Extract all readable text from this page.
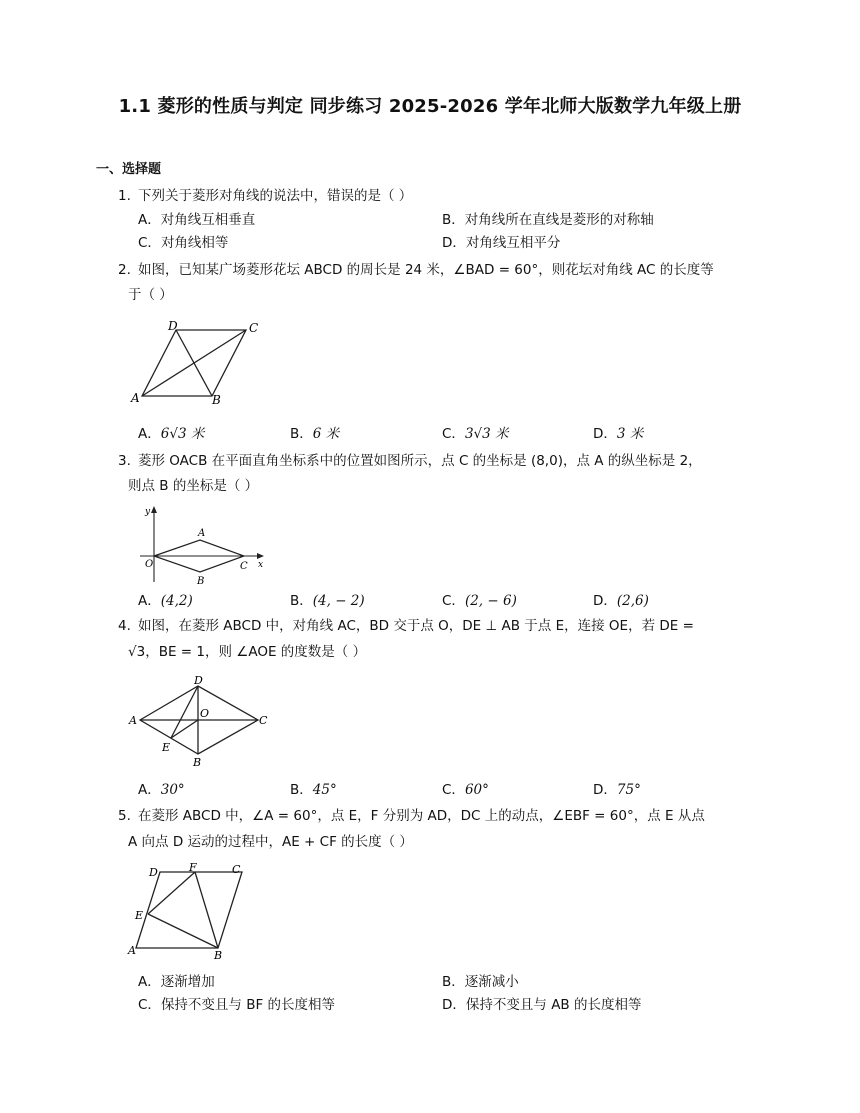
1.1 菱形的性质与判定 同步练习 2025-2026 学年北师大版数学九年级上册
一、选择题
1. 下列关于菱形对角线的说法中，错误的是（ ）
A．对角线互相垂直	B．对角线所在直线是菱形的对称轴
C．对角线相等	D．对角线互相平分
2. 如图，已知某广场菱形花坛 ABCD 的周长是 24 米，∠BAD = 60°，则花坛对角线 AC 的长度等
于（ ）
D	C
A	B
A．6√3 米	B．6 米	C．3√3 米	D．3 米
3. 菱形 OACB 在平面直角坐标系中的位置如图所示，点 C 的坐标是 (8,0)，点 A 的纵坐标是 2，
则点 B 的坐标是（ ）
y
A
O
B
C x
A．(4,2)	B．(4, − 2)	C．(2, − 6)	D．(2,6)
4. 如图，在菱形 ABCD 中，对角线 AC，BD 交于点 O，DE ⊥ AB 于点 E，连接 OE，若 DE =
√3，BE = 1，则 ∠AOE 的度数是（ ）
D
A
O
C
E
B
A．30°	B．45°	C．60°	D．75°
5. 在菱形 ABCD 中，∠A = 60°，点 E，F 分别为 AD，DC 上的动点，∠EBF = 60°，点 E 从点
A 向点 D 运动的过程中，AE + CF 的长度（ ）
D	F	C
E
A	B
A．逐渐增加	B．逐渐减小
C．保持不变且与 BF 的长度相等	D．保持不变且与 AB 的长度相等
